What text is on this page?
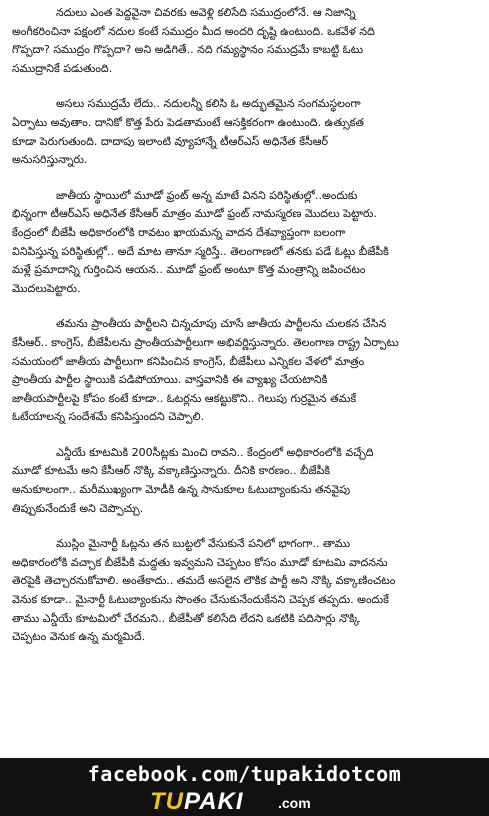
నదులు ఎంత పెద్దవైనా చివరకు అవెళ్లి కలిసేది సముద్రంలోనే. ఆ నిజాన్ని
అంగీకరించినా పక్షంలో నదుల కంటే సముద్రం మీద అందరి దృష్టి ఉంటుంది. ఒకవేళ నది
గొప్పదా? సముద్రం గొప్పదా? అని అడిగితే.. నది గమ్యస్థానం సముద్రమే కాబట్టి ఓటు
సముద్రానికే పడుతుంది.

అసలు సముద్రమే లేదు.. నదులన్నీ కలిసి ఓ అద్భుతమైన సంగమస్థలంగా
ఏర్పాటు అవుతాం. దానికో కొత్త పేరు పెడతామంటే ఆసక్తికరంగా ఉంటుంది. ఉత్సుకత
కూడా పెరుగుతుంది. దాదాపు ఇలాంటి వ్యూహాన్నే టీఆర్ఎస్ అధినేత కేసీఆర్
అనుసరిస్తున్నారు.

జాతీయ స్థాయిలో మూడో ఫ్రంట్ అన్న మాటే వినని పరిస్థితుల్లో..అందుకు
భిన్నంగా టీఆర్ఎస్ అధినేత కేసీఆర్ మాత్రం మూడో ఫ్రంట్ నామస్మరణ మొదలు పెట్టారు.
కేంద్రంలో బీజేపీ అధికారంలోకి రావటం ఖాయమన్న వాదన దేశవ్యాప్తంగా బలంగా
వినిపిస్తున్న పరిస్థితుల్లో.. అదే మాట తానూ స్మరిస్తే.. తెలంగాణలో తనకు పడే ఓట్లు బీజేపీకి
మళ్లే ప్రమాదాన్ని గుర్తించిన ఆయన.. మూడో ఫ్రంట్ అంటూ కొత్త మంత్రాన్ని జపించటం
మొదలుపెట్టారు.

తమను ప్రాంతీయ పార్టీలని చిన్నచూపు చూసే జాతీయ పార్టీలను చులకన చేసిన
కేసీఆర్.. కాంగ్రెస్, బీజేపీలను ప్రాంతీయపార్టీలుగా అభివర్ణిస్తున్నారు. తెలంగాణ రాష్ట్ర ఏర్పాటు
సమయంలో జాతీయ పార్టీలుగా కనిపించిన కాంగ్రెస్, బీజేపీలు ఎన్నికల వేళలో మాత్రం
ప్రాంతీయ పార్టీల స్థాయికి పడిపోయాయి. వాస్తవానికి ఈ వ్యాఖ్య చేయటానికి
జాతీయపార్టీలపై కోపం కంటే కూడా.. ఓటర్లను ఆకట్టుకొని.. గెలుపు గుర్రమైన తమకే
ఓటేయాలన్న సందేశమే కనిపిస్తుందని చెప్పాలి.

ఎన్డీయే కూటమికి 200సీట్లకు మించి రావని.. కేంద్రంలో అధికారంలోకి వచ్చేది
మూడో కూటమే అని కేసీఆర్ నొక్కి వక్కాణిస్తున్నారు. దీనికి కారణం.. బీజేపీకి
అనుకూలంగా.. మరీముఖ్యంగా మోడీకి ఉన్న సానుకూల ఓటుబ్యాంకును తనవైపు
తిప్పుకునేందుకే అని చెప్పొచ్చు.

ముస్లిం మైనార్టీ ఓట్లను తన బుట్టలో వేసుకునే పనిలో భాగంగా.. తాము
అధికారంలోకి వచ్చాక బీజేపీకి మద్దతు ఇవ్వమని చెప్పటం కోసం మూడో కూటమి వాదనను
తెరపైకి తెచ్చారనుకోవాలి. అంతేకాదు.. తమదే అసలైన లౌకిక పార్టీ అని నొక్కి వక్కాణించటం
వెనుక కూడా.. మైనార్టీ ఓటుబ్యాంకును సొంతం చేసుకునేందుకేనని చెప్పక తప్పదు. అందుకే
తాము ఎన్డీయే కూటమిలో చేరమని.. బీజేపీతో కలిసేది లేదని ఒకటికి పదిసార్లు నొక్కి
చెప్పటం వెనుక ఉన్న మర్మమిదే.

facebook.com/tupakidotcom
TUPAKI .com
